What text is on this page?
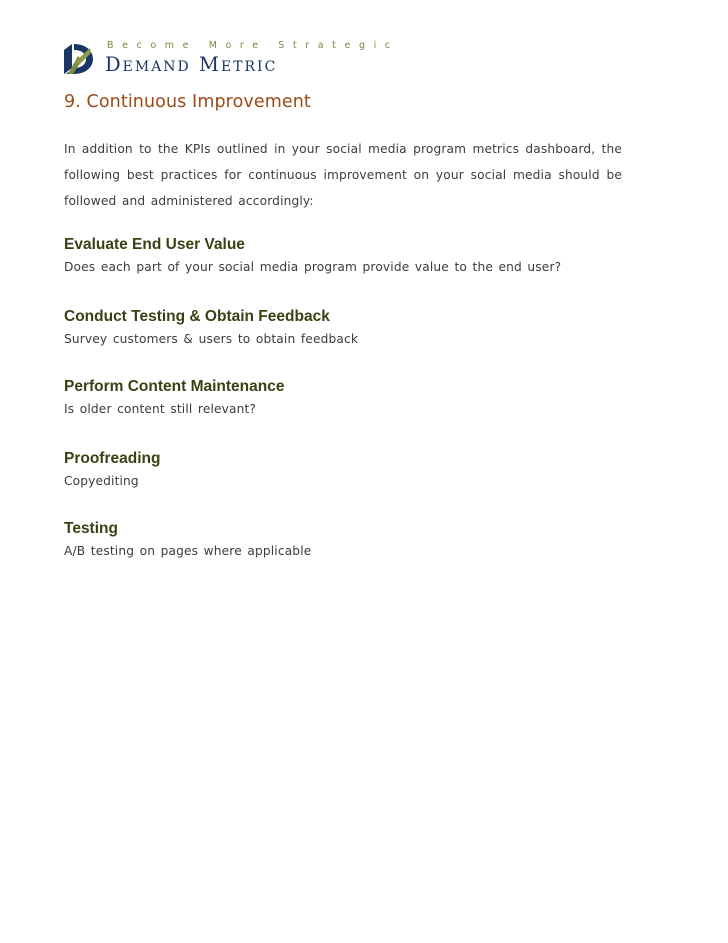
Become More Strategic
Demand Metric
9. Continuous Improvement
In addition to the KPIs outlined in your social media program metrics dashboard, the following best practices for continuous improvement on your social media should be followed and administered accordingly:
Evaluate End User Value
Does each part of your social media program provide value to the end user?
Conduct Testing & Obtain Feedback
Survey customers & users to obtain feedback
Perform Content Maintenance
Is older content still relevant?
Proofreading
Copyediting
Testing
A/B testing on pages where applicable
